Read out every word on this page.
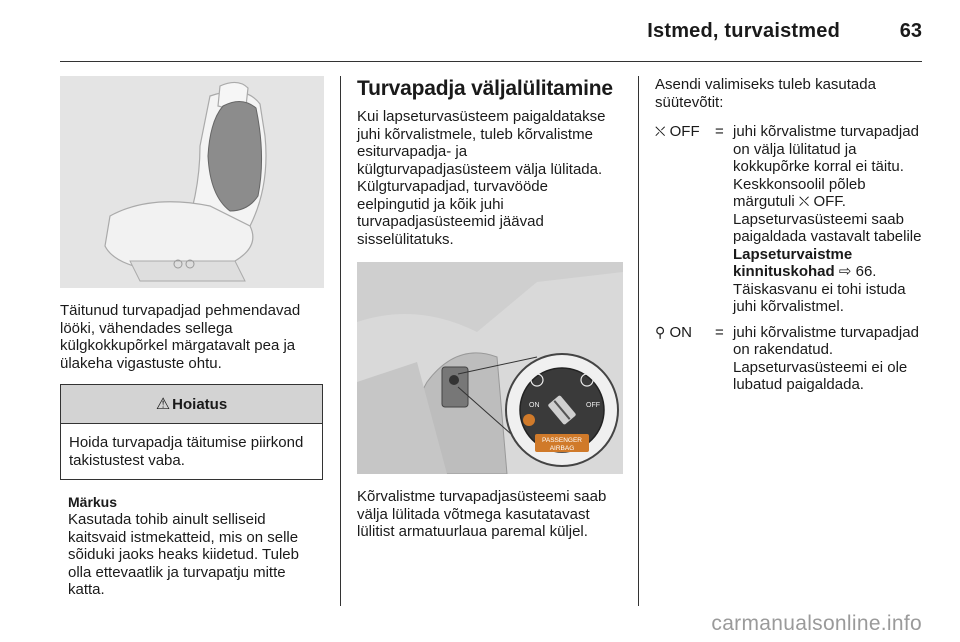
Istmed, turvaistmed	63

Täitunud turvapadjad pehmendavad lööki, vähendades sellega külgkokkupõrkel märgatavalt pea ja ülakeha vigastuste ohtu.

⚠ Hoiatus

Hoida turvapadja täitumise piirkond takistustest vaba.

Märkus

Kasutada tohib ainult selliseid kaitsvaid istmekatteid, mis on selle sõiduki jaoks heaks kiidetud. Tuleb olla ettevaatlik ja turvapatju mitte katta.

Turvapadja väljalülitamine

Kui lapseturvasüsteem paigaldatakse juhi kõrvalistmele, tuleb kõrvalistme esiturvapadja- ja külgturvapadjasüsteem välja lülitada. Külgturvapadjad, turvavööde eelpingutid ja kõik juhi turvapadjasüsteemid jäävad sisselülitatuks.

ON	OFF
PASSENGER
AIRBAG

Kõrvalistme turvapadjasüsteemi saab välja lülitada võtmega kasutatavast lülitist armatuurlaua paremal küljel.

Asendi valimiseks tuleb kasutada süütevõtit:

⛌ OFF	= juhi kõrvalistme turvapadjad on välja lülitatud ja kokkupõrke korral ei täitu. Keskkonsoolil põleb märgutuli ⛌ OFF. Lapseturvasüsteemi saab paigaldada vastavalt tabelile Lapseturvaistme kinnituskohad ⇨ 66. Täiskasvanu ei tohi istuda juhi kõrvalistmel.

⚲ ON	= juhi kõrvalistme turvapadjad on rakendatud. Lapseturvasüsteemi ei ole lubatud paigaldada.

carmanualsonline.info
